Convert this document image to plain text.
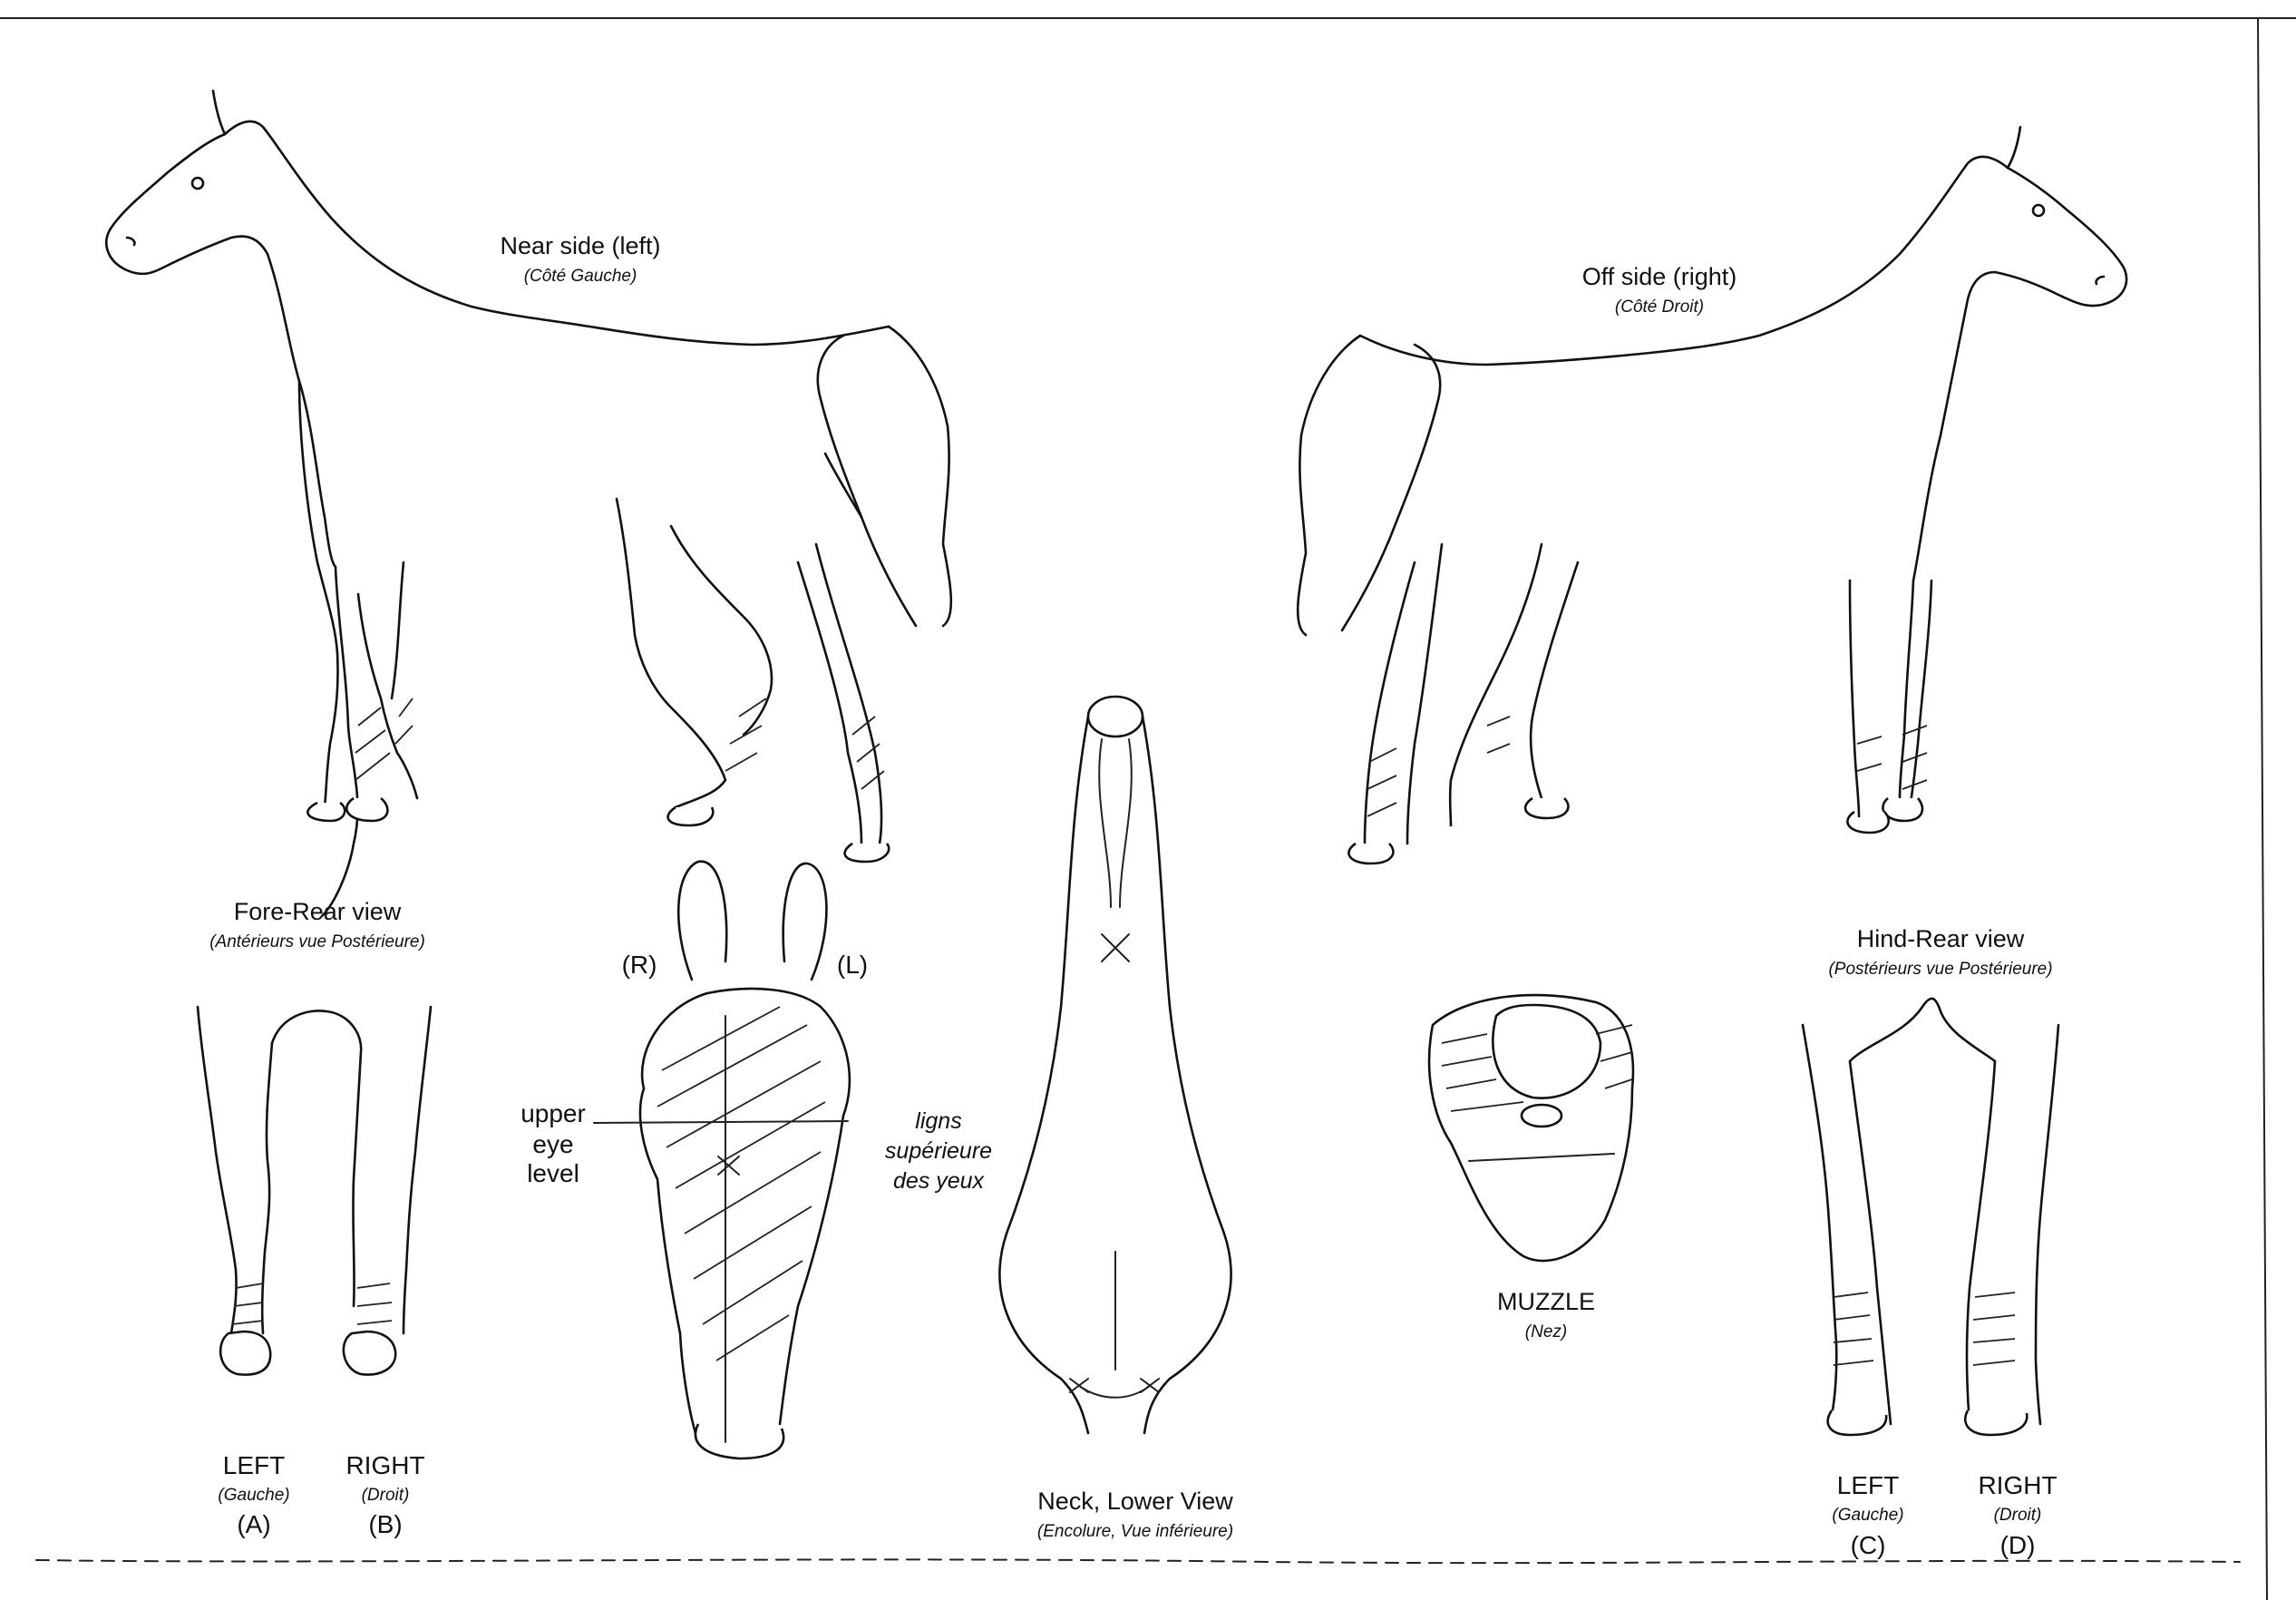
Near side (left)
(Côté Gauche)	Off side (right)
(Côté Droit)
Fore-Rear view
(Antérieurs vue Postérieure)
LEFT
(Gauche)
(A)
RIGHT
(Droit)
(B)
(R)	(L)
upper
eye
level
ligns
supérieure
des yeux
Neck, Lower View
(Encolure, Vue inférieure)
MUZZLE
(Nez)
Hind-Rear view
(Postérieurs vue Postérieure)
LEFT
(Gauche)
(C)
RIGHT
(Droit)
(D)
